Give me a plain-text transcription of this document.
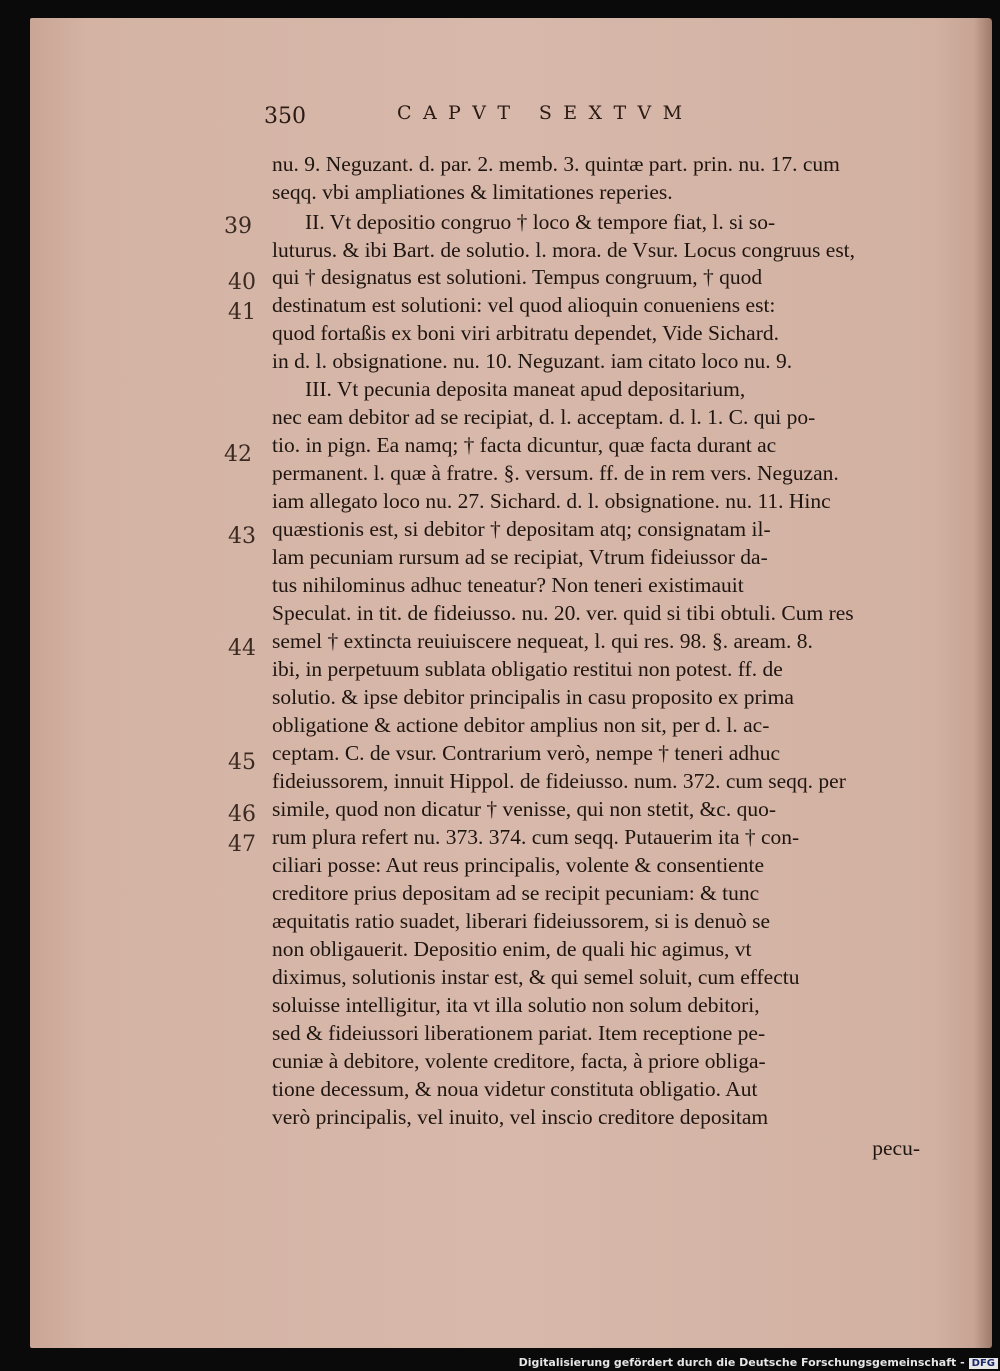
350	CAPVT SEXTVM
39
40
41
42
43
44
45
46
47
nu. 9. Neguzant. d. par. 2. memb. 3. quintæ part. prin. nu. 17. cum
seqq. vbi ampliationes & limitationes reperies.
II. Vt depositio congruo † loco & tempore fiat, l. si so-
luturus. & ibi Bart. de solutio. l. mora. de Vsur. Locus congruus est,
qui † designatus est solutioni. Tempus congruum, † quod
destinatum est solutioni: vel quod alioquin conueniens est:
quod fortaßis ex boni viri arbitratu dependet, Vide Sichard.
in d. l. obsignatione. nu. 10. Neguzant. iam citato loco nu. 9.
III. Vt pecunia deposita maneat apud depositarium,
nec eam debitor ad se recipiat, d. l. acceptam. d. l. 1. C. qui po-
tio. in pign. Ea namq; † facta dicuntur, quæ facta durant ac
permanent. l. quæ à fratre. §. versum. ff. de in rem vers. Neguzan.
iam allegato loco nu. 27. Sichard. d. l. obsignatione. nu. 11. Hinc
quæstionis est, si debitor † depositam atq; consignatam il-
lam pecuniam rursum ad se recipiat, Vtrum fideiussor da-
tus nihilominus adhuc teneatur? Non teneri existimauit
Speculat. in tit. de fideiusso. nu. 20. ver. quid si tibi obtuli. Cum res
semel † extincta reuiuiscere nequeat, l. qui res. 98. §. aream. 8.
ibi, in perpetuum sublata obligatio restitui non potest. ff. de
solutio. & ipse debitor principalis in casu proposito ex prima
obligatione & actione debitor amplius non sit, per d. l. ac-
ceptam. C. de vsur. Contrarium verò, nempe † teneri adhuc
fideiussorem, innuit Hippol. de fideiusso. num. 372. cum seqq. per
simile, quod non dicatur † venisse, qui non stetit, &c. quo-
rum plura refert nu. 373. 374. cum seqq. Putauerim ita † con-
ciliari posse: Aut reus principalis, volente & consentiente
creditore prius depositam ad se recipit pecuniam: & tunc
æquitatis ratio suadet, liberari fideiussorem, si is denuò se
non obligauerit. Depositio enim, de quali hic agimus, vt
diximus, solutionis instar est, & qui semel soluit, cum effectu
soluisse intelligitur, ita vt illa solutio non solum debitori,
sed & fideiussori liberationem pariat. Item receptione pe-
cuniæ à debitore, volente creditore, facta, à priore obliga-
tione decessum, & noua videtur constituta obligatio. Aut
verò principalis, vel inuito, vel inscio creditore depositam
pecu-
Digitalisierung gefördert durch die Deutsche Forschungsgemeinschaft - DFG
